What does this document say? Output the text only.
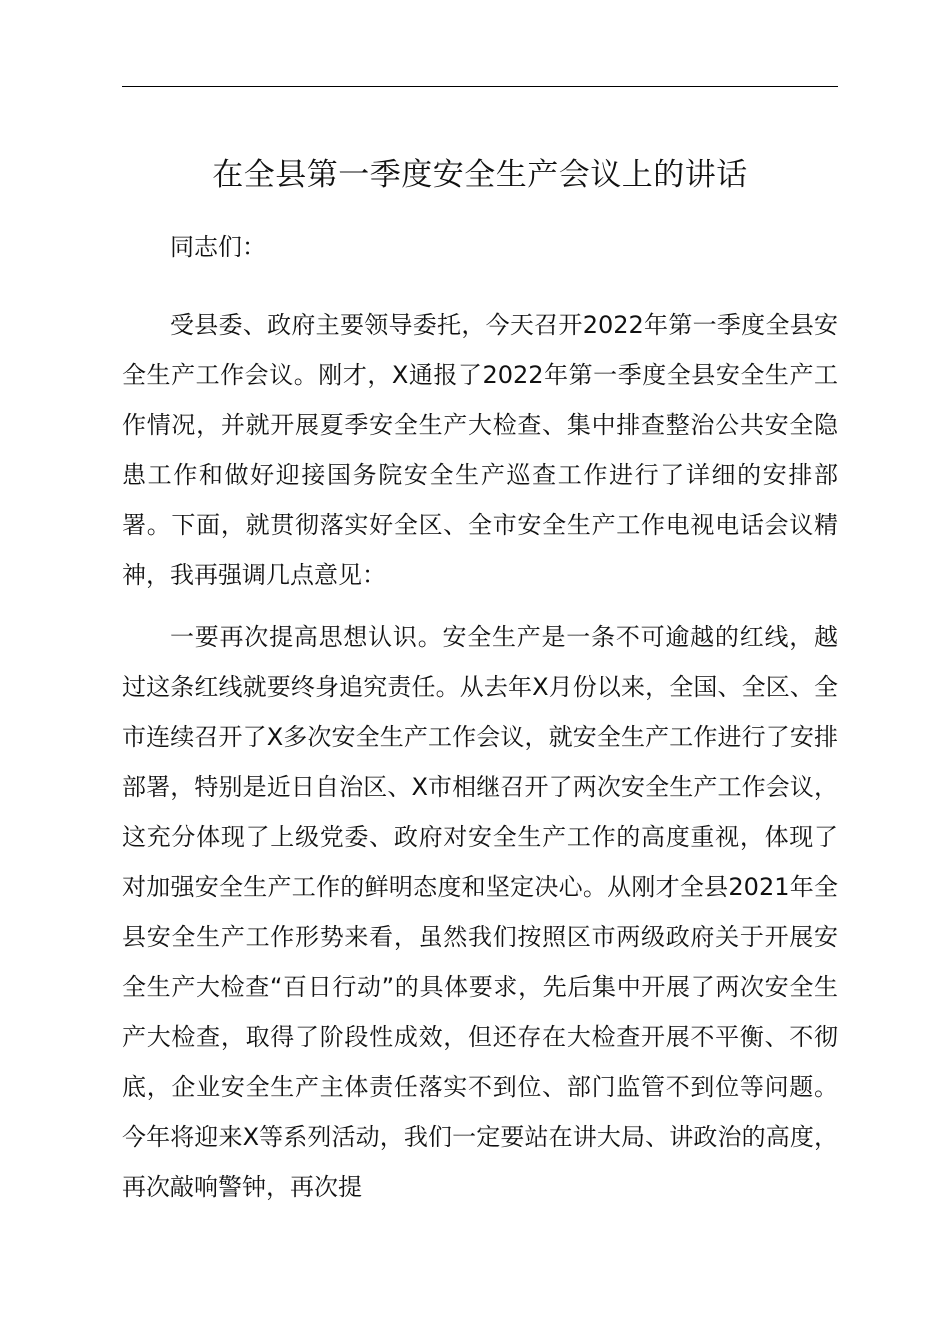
在全县第一季度安全生产会议上的讲话

同志们：

受县委、政府主要领导委托，今天召开2022年第一季度全县安全生产工作会议。刚才，X通报了2022年第一季度全县安全生产工作情况，并就开展夏季安全生产大检查、集中排查整治公共安全隐患工作和做好迎接国务院安全生产巡查工作进行了详细的安排部署。下面，就贯彻落实好全区、全市安全生产工作电视电话会议精神，我再强调几点意见：

一要再次提高思想认识。安全生产是一条不可逾越的红线，越过这条红线就要终身追究责任。从去年X月份以来，全国、全区、全市连续召开了X多次安全生产工作会议，就安全生产工作进行了安排部署，特别是近日自治区、X市相继召开了两次安全生产工作会议，这充分体现了上级党委、政府对安全生产工作的高度重视，体现了对加强安全生产工作的鲜明态度和坚定决心。从刚才全县2021年全县安全生产工作形势来看，虽然我们按照区市两级政府关于开展安全生产大检查“百日行动”的具体要求，先后集中开展了两次安全生产大检查，取得了阶段性成效，但还存在大检查开展不平衡、不彻底，企业安全生产主体责任落实不到位、部门监管不到位等问题。今年将迎来X等系列活动，我们一定要站在讲大局、讲政治的高度，再次敲响警钟，再次提
